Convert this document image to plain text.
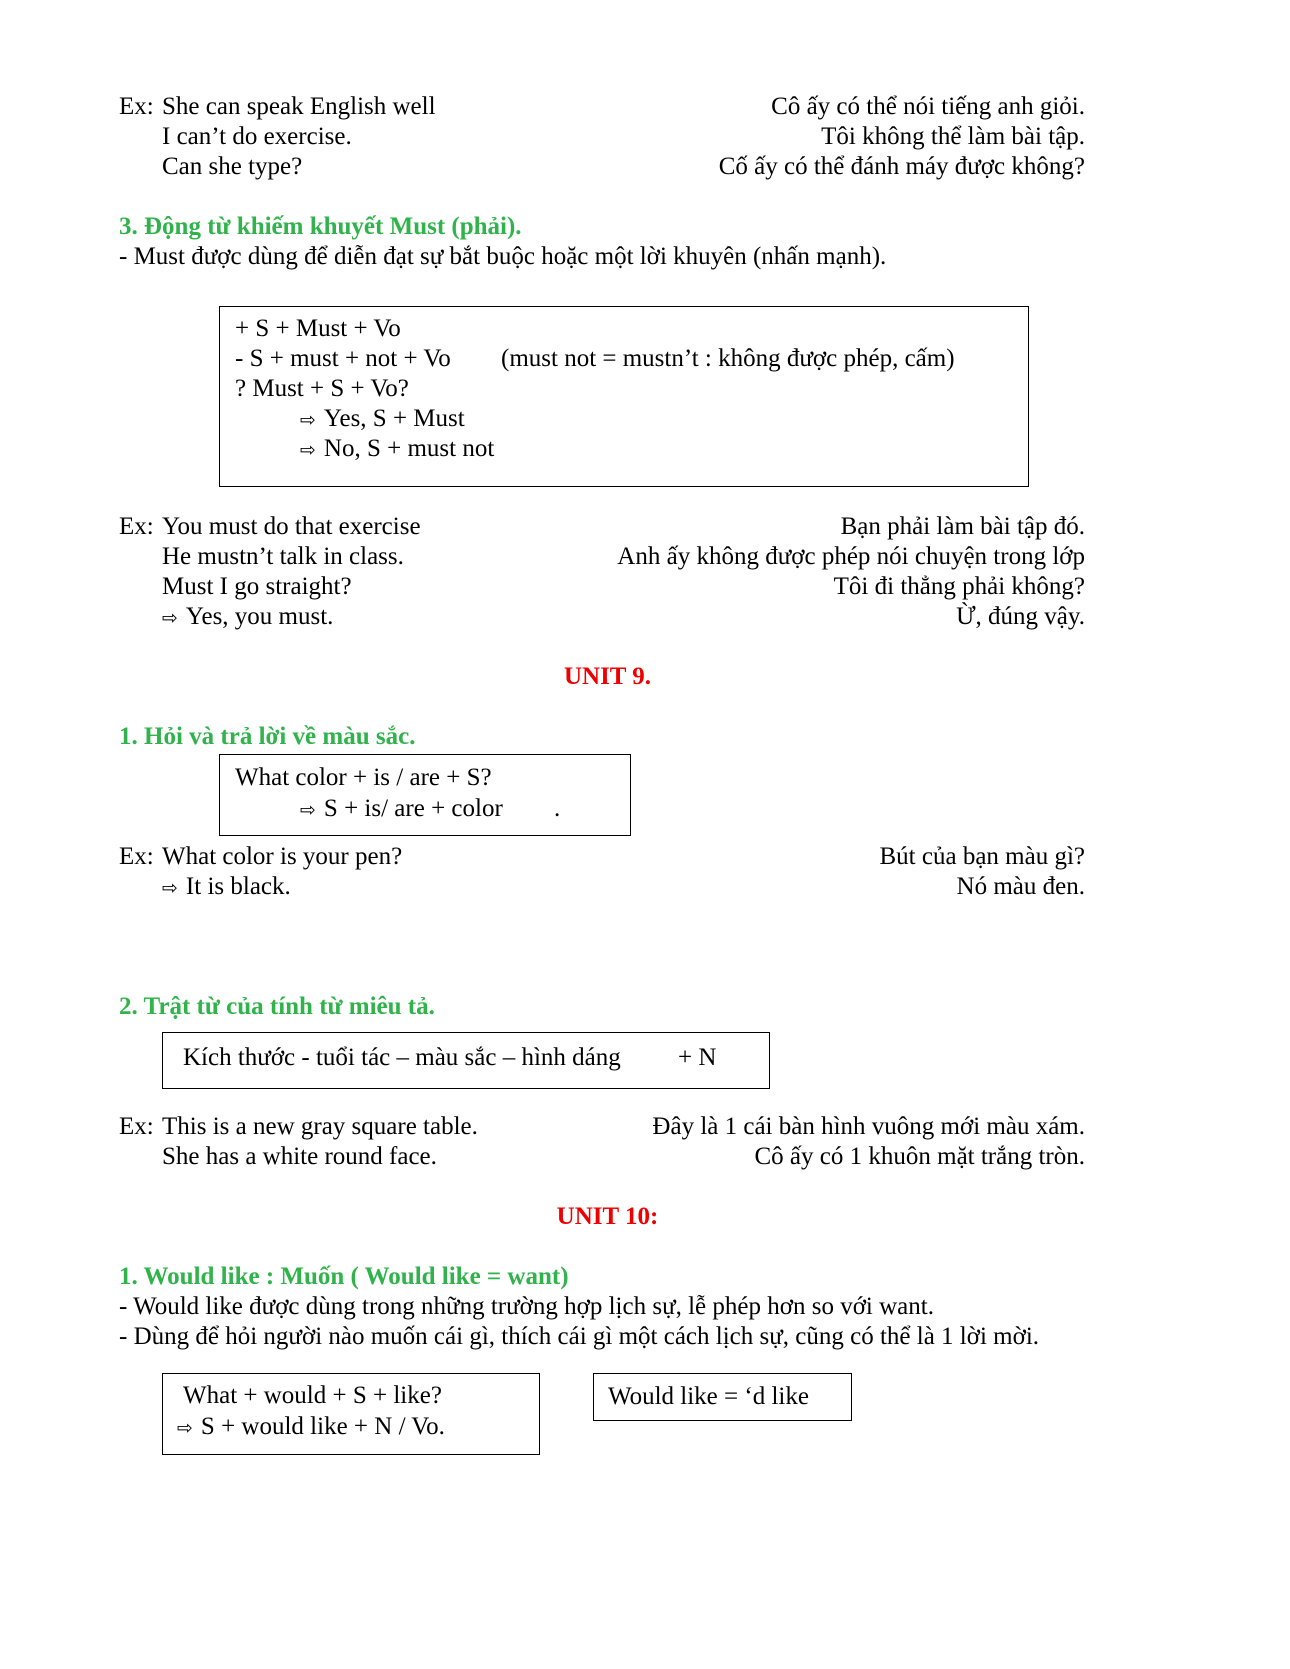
Ex: She can speak English well	Cô ấy có thể nói tiếng anh giỏi.
I can’t do exercise.	Tôi không thể làm bài tập.
Can she type?	Cố ấy có thể đánh máy được không?
3. Động từ khiếm khuyết Must (phải).
- Must được dùng để diễn đạt sự bắt buộc hoặc một lời khuyên (nhấn mạnh).
+ S + Must + Vo
- S + must + not + Vo (must not = mustn’t : không được phép, cấm)
? Must + S + Vo?
⇨ Yes, S + Must
⇨ No, S + must not
Ex: You must do that exercise	Bạn phải làm bài tập đó.
He mustn’t talk in class.	Anh ấy không được phép nói chuyện trong lớp
Must I go straight?	Tôi đi thẳng phải không?
⇨ Yes, you must.	Ừ, đúng vậy.
UNIT 9.
1. Hỏi và trả lời về màu sắc.
What color + is / are + S?
⇨ S + is/ are + color .
Ex: What color is your pen?	Bút của bạn màu gì?
⇨ It is black.	Nó màu đen.
2. Trật từ của tính từ miêu tả.
Kích thước - tuổi tác – màu sắc – hình dáng + N
Ex: This is a new gray square table.	Đây là 1 cái bàn hình vuông mới màu xám.
She has a white round face.	Cô ấy có 1 khuôn mặt trắng tròn.
UNIT 10:
1. Would like : Muốn ( Would like = want)
- Would like được dùng trong những trường hợp lịch sự, lễ phép hơn so với want.
- Dùng để hỏi người nào muốn cái gì, thích cái gì một cách lịch sự, cũng có thể là 1 lời mời.
What + would + S + like?
⇨ S + would like + N / Vo.
Would like = ‘d like
